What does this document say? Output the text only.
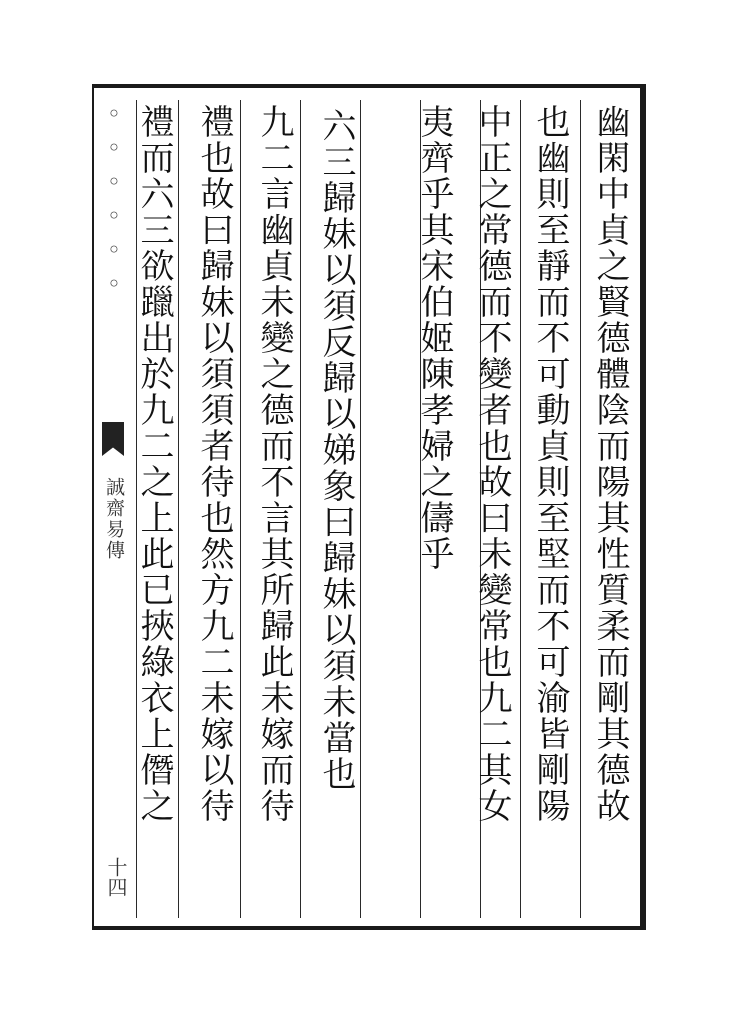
◦◦◦◦◦◦
誠齋易傳
十四
幽閑中貞之賢德體陰而陽其性質柔而剛其德故
也幽則至靜而不可動貞則至堅而不可渝皆剛陽
中正之常德而不變者也故曰未變常也九二其女
夷齊乎其宋伯姬陳孝婦之儔乎
六三歸妹以須反歸以娣象曰歸妹以須未當也
九二言幽貞未變之德而不言其所歸此未嫁而待
禮也故曰歸妹以須須者待也然方九二未嫁以待
禮而六三欲躐出於九二之上此已挾綠衣上僭之
